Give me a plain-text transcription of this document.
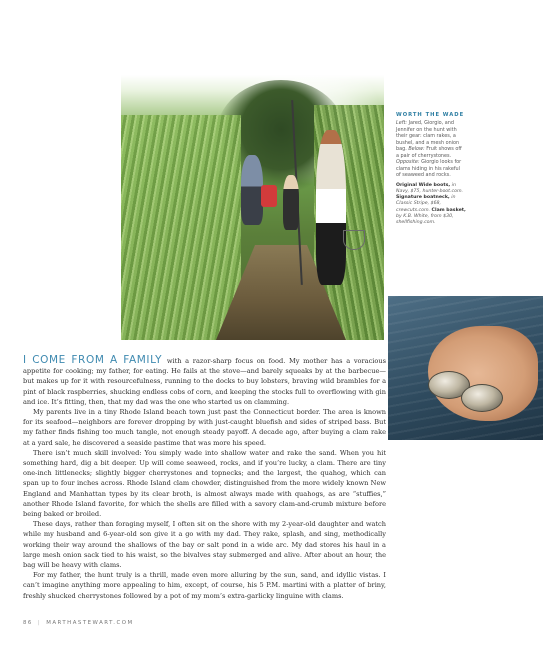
WORTH THE WADE
Left: Jared, Giorgio, and Jennifer on the hunt with their gear: clam rakes, a bushel, and a mesh onion bag. Below: Fruit shows off a pair of cherrystones. Opposite: Giorgio looks for clams hiding in his rakeful of seaweed and rocks.
Original Wide boots, in Navy, $75, hunter-boot.com. Signature boatneck, in Classic Stripe, $68, crewcuts.com. Clam basket, by K.B. White, from $30, shellfishing.com.

I COME FROM A FAMILY with a razor-sharp focus on food. My mother has a voracious appetite for cooking; my father, for eating. He fails at the stove—and barely squeaks by at the barbecue—but makes up for it with resourcefulness, running to the docks to buy lobsters, braving wild brambles for a pint of black raspberries, shucking endless cobs of corn, and keeping the stocks full to overflowing with gin and ice. It’s fitting, then, that my dad was the one who started us on clamming.

My parents live in a tiny Rhode Island beach town just past the Connecticut border. The area is known for its seafood—neighbors are forever dropping by with just-caught bluefish and sides of striped bass. But my father finds fishing too much tangle, not enough steady payoff. A decade ago, after buying a clam rake at a yard sale, he discovered a seaside pastime that was more his speed.

There isn’t much skill involved: You simply wade into shallow water and rake the sand. When you hit something hard, dig a bit deeper. Up will come seaweed, rocks, and if you’re lucky, a clam. There are tiny one-inch littlenecks; slightly bigger cherrystones and topnecks; and the largest, the quahog, which can span up to four inches across. Rhode Island clam chowder, distinguished from the more widely known New England and Manhattan types by its clear broth, is almost always made with quahogs, as are “stuffies,” another Rhode Island favorite, for which the shells are filled with a savory clam-and-crumb mixture before being baked or broiled.

These days, rather than foraging myself, I often sit on the shore with my 2-year-old daughter and watch while my husband and 6-year-old son give it a go with my dad. They rake, splash, and sing, methodically working their way around the shallows of the bay or salt pond in a wide arc. My dad stores his haul in a large mesh onion sack tied to his waist, so the bivalves stay submerged and alive. After about an hour, the bag will be heavy with clams.

For my father, the hunt truly is a thrill, made even more alluring by the sun, sand, and idyllic vistas. I can’t imagine anything more appealing to him, except, of course, his 5 P.M. martini with a platter of briny, freshly shucked cherrystones followed by a pot of my mom’s extra-garlicky linguine with clams.

86 | MARTHASTEWART.COM
